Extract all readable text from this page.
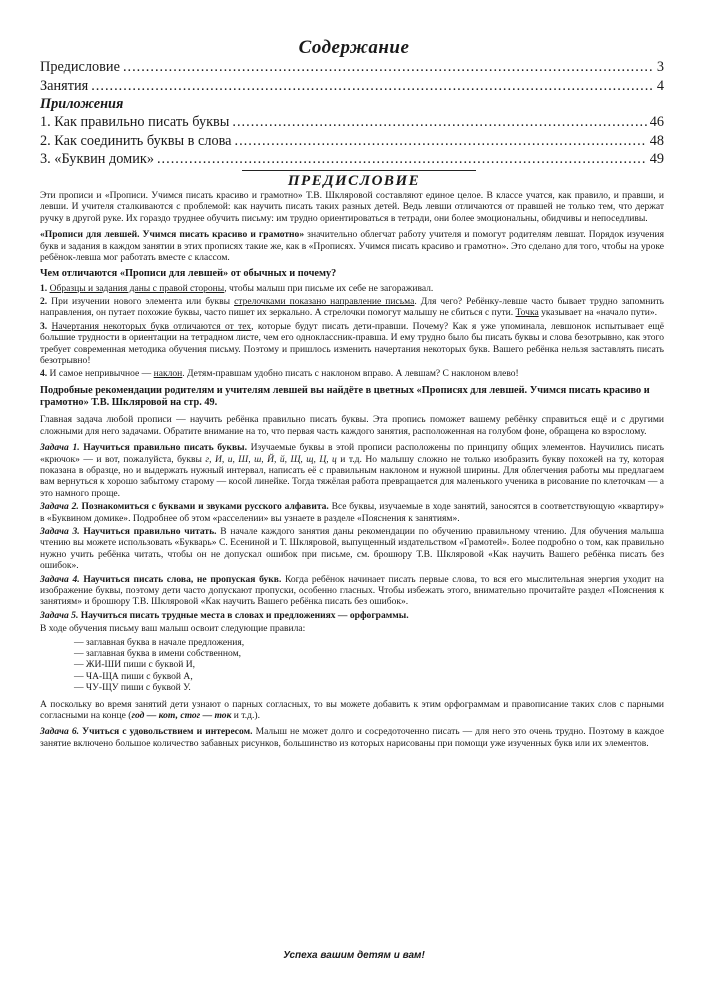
Содержание
Предисловие .....	3
Занятия .....	4
Приложения
1. Как правильно писать буквы .....	46
2. Как соединить буквы в слова .....	48
3. «Буквин домик» .....	49
ПРЕДИСЛОВИЕ

Эти прописи и «Прописи. Учимся писать красиво и грамотно» Т.В. Шкляровой составляют единое целое. В классе учатся, как правило, и правши, и левши. И учителя сталкиваются с проблемой: как научить писать таких разных детей. Ведь левши отличаются от правшей не только тем, что держат ручку в другой руке. Их гораздо труднее обучить письму: им трудно ориентироваться в тетради, они более эмоциональны, обидчивы и непоседливы.

«Прописи для левшей. Учимся писать красиво и грамотно» значительно облегчат работу учителя и помогут родителям левшат. Порядок изучения букв и задания в каждом занятии в этих прописях такие же, как в «Прописях. Учимся писать красиво и грамотно». Это сделано для того, чтобы на уроке ребёнок-левша мог работать вместе с классом.

Чем отличаются «Прописи для левшей» от обычных и почему?

1. Образцы и задания даны с правой стороны, чтобы малыш при письме их себе не загораживал.

2. При изучении нового элемента или буквы стрелочками показано направление письма. Для чего? Ребёнку-левше часто бывает трудно запомнить направления, он путает похожие буквы, часто пишет их зеркально. А стрелочки помогут малышу не сбиться с пути. Точка указывает на «начало пути».

3. Начертания некоторых букв отличаются от тех, которые будут писать дети-правши. Почему? Как я уже упоминала, левшонок испытывает ещё большие трудности в ориентации на тетрадном листе, чем его одноклассник-правша. И ему трудно было бы писать буквы и слова безотрывно, как этого требует современная методика обучения письму. Поэтому и пришлось изменить начертания некоторых букв. Вашего ребёнка нельзя заставлять писать безотрывно!

4. И самое непривычное — наклон. Детям-правшам удобно писать с наклоном вправо. А левшам? С наклоном влево!

Подробные рекомендации родителям и учителям левшей вы найдёте в цветных «Прописях для левшей. Учимся писать красиво и грамотно» Т.В. Шкляровой на стр. 49.

Главная задача любой прописи — научить ребёнка правильно писать буквы. Эта пропись поможет вашему ребёнку справиться ещё и с другими сложными для него задачами. Обратите внимание на то, что первая часть каждого занятия, расположенная на голубом фоне, обращена ко взрослому.

Задача 1. Научиться правильно писать буквы. Изучаемые буквы в этой прописи расположены по принципу общих элементов. Научились писать «крючок» — и вот, пожалуйста, буквы г, И, и, Ш, ш, Й, й, Щ, щ, Ц, ц и т.д. Но малышу сложно не только изобразить букву похожей на ту, которая показана в образце, но и выдержать нужный интервал, написать её с правильным наклоном и нужной ширины. Для облегчения работы мы предлагаем вам вернуться к хорошо забытому старому — косой линейке. Тогда тяжёлая работа превращается для маленького ученика в рисование по клеточкам — а это намного проще.

Задача 2. Познакомиться с буквами и звуками русского алфавита. Все буквы, изучаемые в ходе занятий, заносятся в соответствующую «квартиру» в «Буквином домике». Подробнее об этом «расселении» вы узнаете в разделе «Пояснения к занятиям».

Задача 3. Научиться правильно читать. В начале каждого занятия даны рекомендации по обучению правильному чтению. Для обучения малыша чтению вы можете использовать «Букварь» С. Есениной и Т. Шкляровой, выпущенный издательством «Грамотей». Более подробно о том, как правильно нужно учить ребёнка читать, чтобы он не допускал ошибок при письме, см. брошюру Т.В. Шкляровой «Как научить Вашего ребёнка писать без ошибок».

Задача 4. Научиться писать слова, не пропуская букв. Когда ребёнок начинает писать первые слова, то вся его мыслительная энергия уходит на изображение буквы, поэтому дети часто допускают пропуски, особенно гласных. Чтобы избежать этого, внимательно прочитайте раздел «Пояснения к занятиям» и брошюру Т.В. Шкляровой «Как научить Вашего ребёнка писать без ошибок».

Задача 5. Научиться писать трудные места в словах и предложениях — орфограммы.

В ходе обучения письму ваш малыш освоит следующие правила:

— заглавная буква в начале предложения,
— заглавная буква в имени собственном,
— ЖИ-ШИ пиши с буквой И,
— ЧА-ЩА пиши с буквой А,
— ЧУ-ЩУ пиши с буквой У.

А поскольку во время занятий дети узнают о парных согласных, то вы можете добавить к этим орфограммам и правописание таких слов с парными согласными на конце (год — кот, стог — ток и т.д.).

Задача 6. Учиться с удовольствием и интересом. Малыш не может долго и сосредоточенно писать — для него это очень трудно. Поэтому в каждое занятие включено большое количество забавных рисунков, большинство из которых нарисованы при помощи уже изученных букв или их элементов.

Успеха вашим детям и вам!
